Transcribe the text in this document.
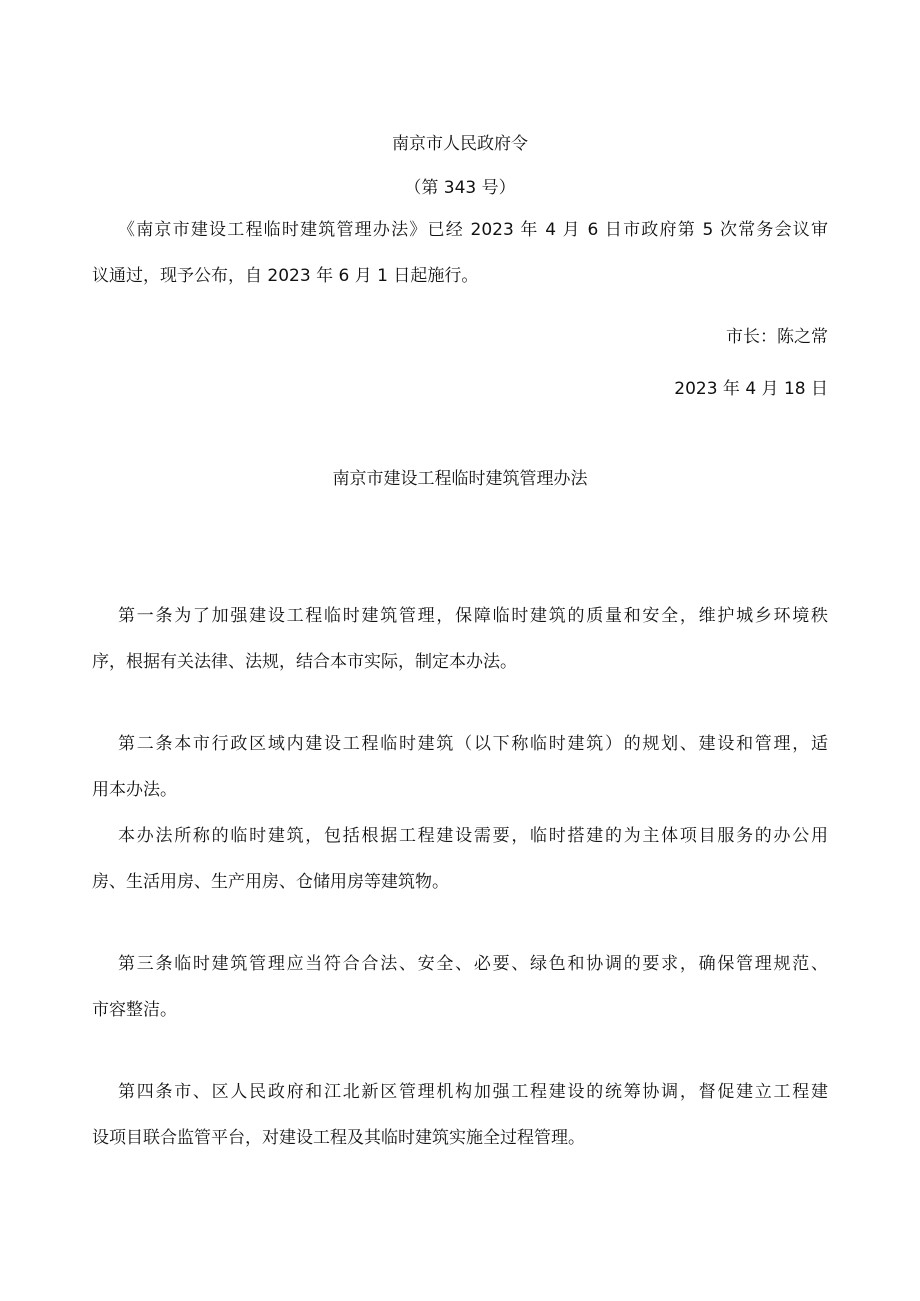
南京市人民政府令

（第 343 号）

《南京市建设工程临时建筑管理办法》已经 2023 年 4 月 6 日市政府第 5 次常务会议审

议通过，现予公布，自 2023 年 6 月 1 日起施行。

市长：陈之常

2023 年 4 月 18 日

南京市建设工程临时建筑管理办法

第一条为了加强建设工程临时建筑管理，保障临时建筑的质量和安全，维护城乡环境秩

序，根据有关法律、法规，结合本市实际，制定本办法。

第二条本市行政区域内建设工程临时建筑（以下称临时建筑）的规划、建设和管理，适

用本办法。

本办法所称的临时建筑，包括根据工程建设需要，临时搭建的为主体项目服务的办公用

房、生活用房、生产用房、仓储用房等建筑物。

第三条临时建筑管理应当符合合法、安全、必要、绿色和协调的要求，确保管理规范、

市容整洁。

第四条市、区人民政府和江北新区管理机构加强工程建设的统筹协调，督促建立工程建

设项目联合监管平台，对建设工程及其临时建筑实施全过程管理。
